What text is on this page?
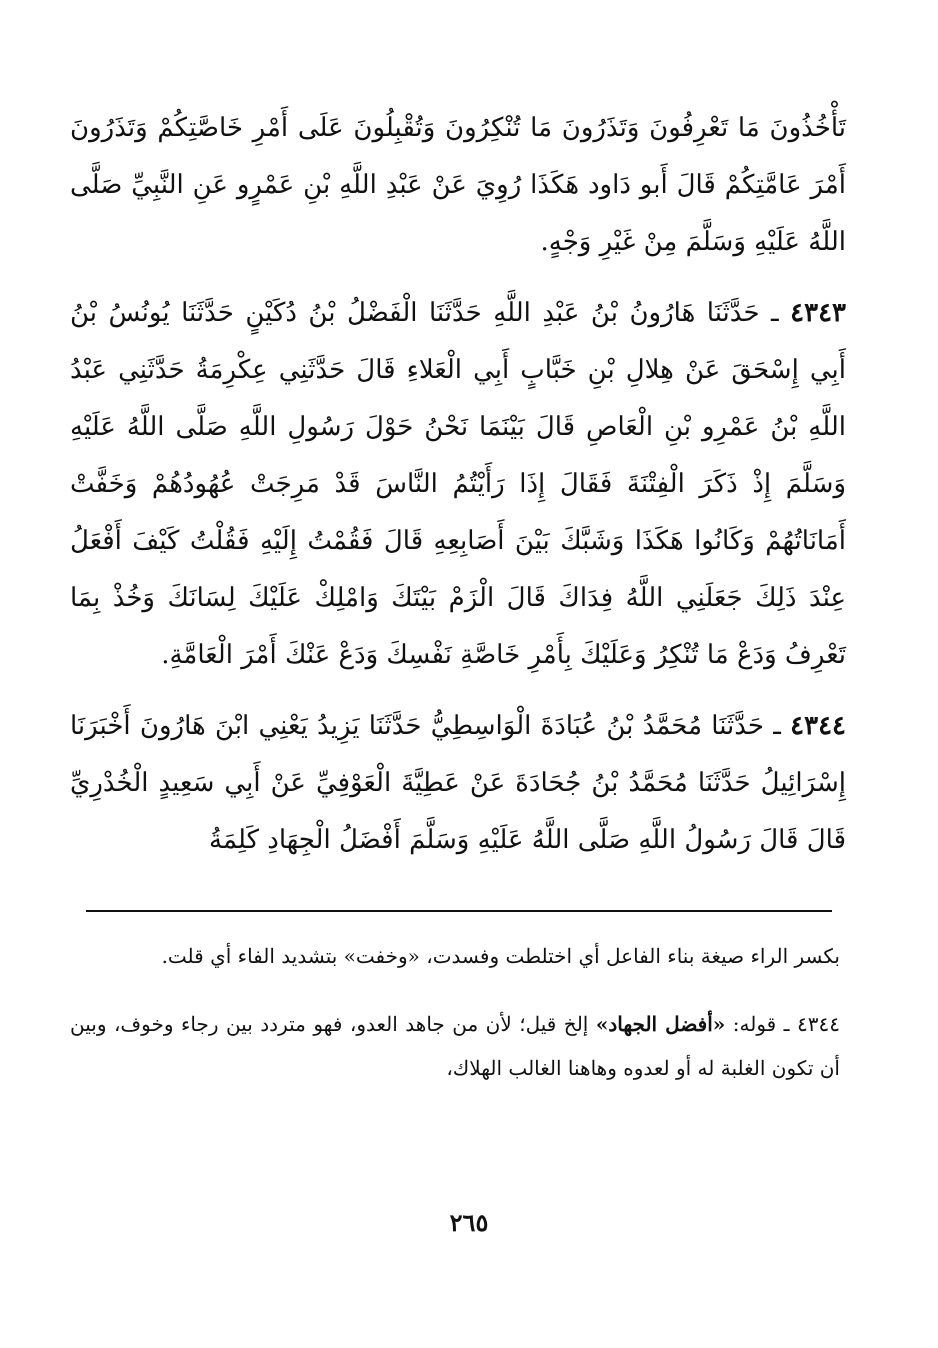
تَأْخُذُونَ مَا تَعْرِفُونَ وَتَذَرُونَ مَا تُنْكِرُونَ وَتُقْبِلُونَ عَلَى أَمْرِ خَاصَّتِكُمْ وَتَذَرُونَ أَمْرَ عَامَّتِكُمْ قَالَ أَبو دَاود هَكَذَا رُوِيَ عَنْ عَبْدِ اللَّهِ بْنِ عَمْرٍو عَنِ النَّبِيِّ صَلَّى اللَّهُ عَلَيْهِ وَسَلَّمَ مِنْ غَيْرِ وَجْهٍ.

٤٣٤٣ ـ حَدَّثَنَا هَارُونُ بْنُ عَبْدِ اللَّهِ حَدَّثَنَا الْفَضْلُ بْنُ دُكَيْنٍ حَدَّثَنَا يُونُسُ بْنُ أَبِي إِسْحَقَ عَنْ هِلالِ بْنِ خَبَّابٍ أَبِي الْعَلاءِ قَالَ حَدَّثَنِي عِكْرِمَةُ حَدَّثَنِي عَبْدُ اللَّهِ بْنُ عَمْرِو بْنِ الْعَاصِ قَالَ بَيْنَمَا نَحْنُ حَوْلَ رَسُولِ اللَّهِ صَلَّى اللَّهُ عَلَيْهِ وَسَلَّمَ إِذْ ذَكَرَ الْفِتْنَةَ فَقَالَ إِذَا رَأَيْتُمُ النَّاسَ قَدْ مَرِجَتْ عُهُودُهُمْ وَخَفَّتْ أَمَانَاتُهُمْ وَكَانُوا هَكَذَا وَشَبَّكَ بَيْنَ أَصَابِعِهِ قَالَ فَقُمْتُ إِلَيْهِ فَقُلْتُ كَيْفَ أَفْعَلُ عِنْدَ ذَلِكَ جَعَلَنِي اللَّهُ فِدَاكَ قَالَ الْزَمْ بَيْتَكَ وَامْلِكْ عَلَيْكَ لِسَانَكَ وَخُذْ بِمَا تَعْرِفُ وَدَعْ مَا تُنْكِرُ وَعَلَيْكَ بِأَمْرِ خَاصَّةِ نَفْسِكَ وَدَعْ عَنْكَ أَمْرَ الْعَامَّةِ.

٤٣٤٤ ـ حَدَّثَنَا مُحَمَّدُ بْنُ عُبَادَةَ الْوَاسِطِيُّ حَدَّثَنَا يَزِيدُ يَعْنِي ابْنَ هَارُونَ أَخْبَرَنَا إِسْرَائِيلُ حَدَّثَنَا مُحَمَّدُ بْنُ جُحَادَةَ عَنْ عَطِيَّةَ الْعَوْفِيِّ عَنْ أَبِي سَعِيدٍ الْخُدْرِيِّ قَالَ قَالَ رَسُولُ اللَّهِ صَلَّى اللَّهُ عَلَيْهِ وَسَلَّمَ أَفْضَلُ الْجِهَادِ كَلِمَةُ

بكسر الراء صيغة بناء الفاعل أي اختلطت وفسدت، «وخفت» بتشديد الفاء أي قلت.

٤٣٤٤ ـ قوله: «أفضل الجهاد» إلخ قيل؛ لأن من جاهد العدو، فهو متردد بين رجاء وخوف، وبين أن تكون الغلبة له أو لعدوه وهاهنا الغالب الهلاك،

٢٦٥
